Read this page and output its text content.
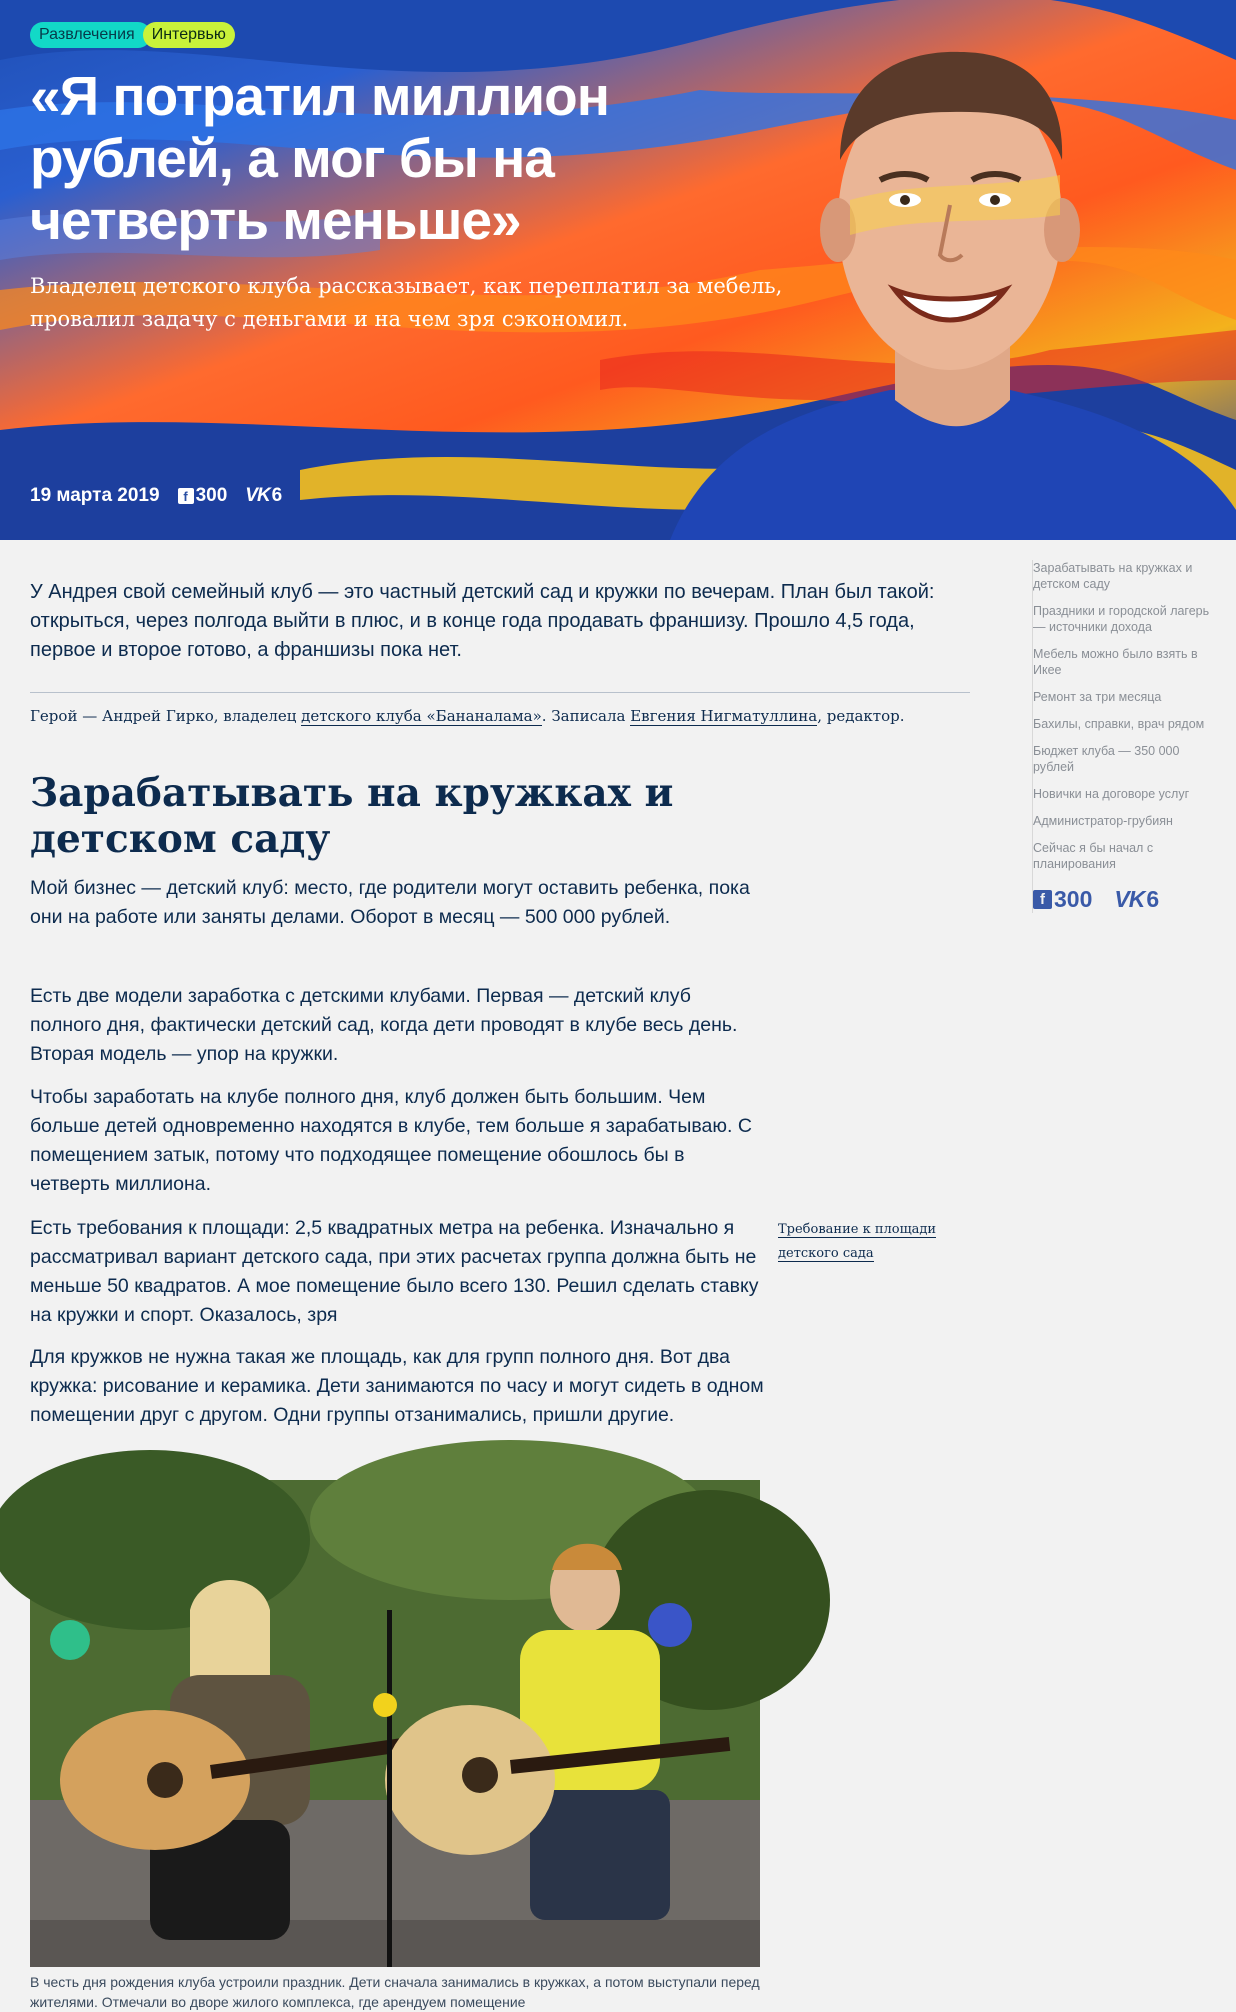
Развлечения	Интервью
«Я потратил миллион рублей, а мог бы на четверть меньше»

Владелец детского клуба рассказывает, как переплатил за мебель, провалил задачу с деньгами и на чем зря сэкономил.

19 марта 2019	f 300 VK 6
Зарабатывать на кружках и детском саду
Праздники и городской лагерь — источники дохода
Мебель можно было взять в Икее
Ремонт за три месяца
Бахилы, справки, врач рядом
Бюджет клуба — 350 000 рублей
Новички на договоре услуг
Администратор-грубиян
Сейчас я бы начал с планирования
f 300 VK 6

У Андрея свой семейный клуб — это частный детский сад и кружки по вечерам. План был такой: открыться, через полгода выйти в плюс, и в конце года продавать франшизу. Прошло 4,5 года, первое и второе готово, а франшизы пока нет.

Герой — Андрей Гирко, владелец детского клуба «Бананалама». Записала Евгения Нигматуллина, редактор.

Зарабатывать на кружках и детском саду

Мой бизнес — детский клуб: место, где родители могут оставить ребенка, пока они на работе или заняты делами. Оборот в месяц — 500 000 рублей.

Есть две модели заработка с детскими клубами. Первая — детский клуб полного дня, фактически детский сад, когда дети проводят в клубе весь день. Вторая модель — упор на кружки.

Чтобы заработать на клубе полного дня, клуб должен быть большим. Чем больше детей одновременно находятся в клубе, тем больше я зарабатываю. С помещением затык, потому что подходящее помещение обошлось бы в четверть миллиона.

Есть требования к площади: 2,5 квадратных метра на ребенка. Изначально я рассматривал вариант детского сада, при этих расчетах группа должна быть не меньше 50 квадратов. А мое помещение было всего 130. Решил сделать ставку на кружки и спорт. Оказалось, зря

Для кружков не нужна такая же площадь, как для групп полного дня. Вот два кружка: рисование и керамика. Дети занимаются по часу и могут сидеть в одном помещении друг с другом. Одни группы отзанимались, пришли другие.

Требование к площади детского сада

В честь дня рождения клуба устроили праздник. Дети сначала занимались в кружках, а потом выступали перед жителями. Отмечали во дворе жилого комплекса, где арендуем помещение
